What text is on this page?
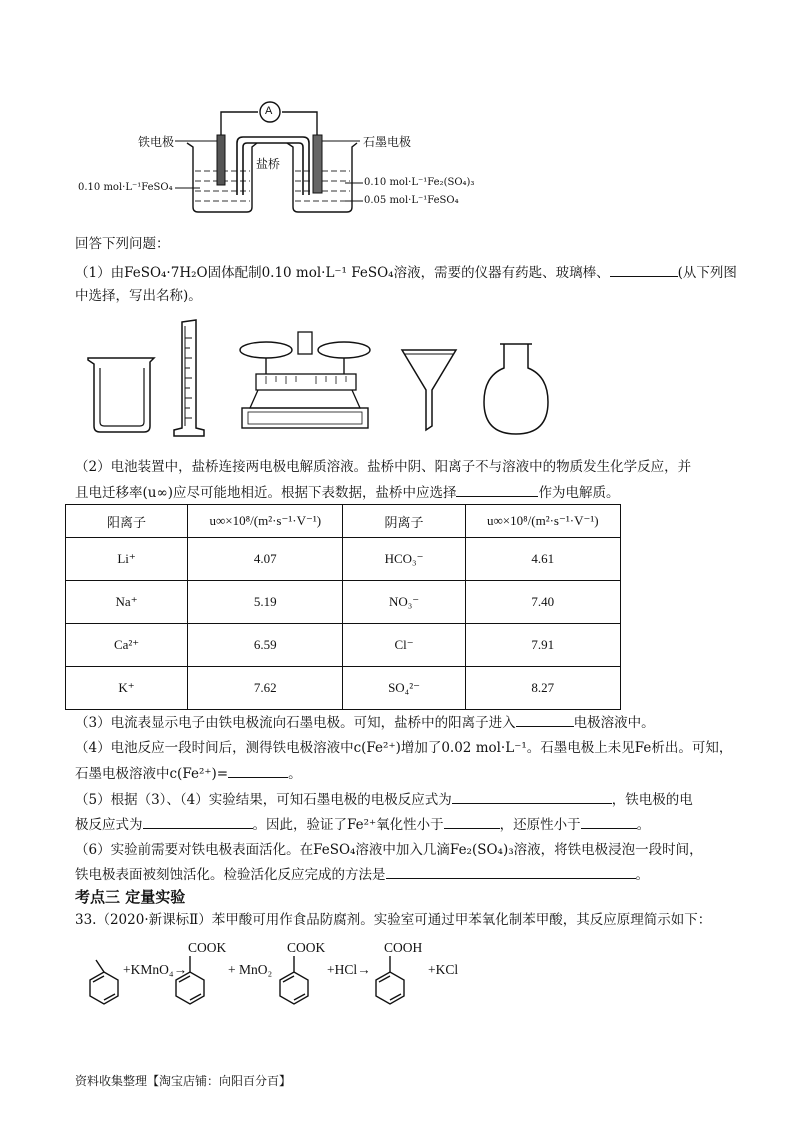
A
铁电极	石墨电极
盐桥
0.10 mol·L⁻¹FeSO₄	0.10 mol·L⁻¹Fe₂(SO₄)₃
0.05 mol·L⁻¹FeSO₄
回答下列问题：
（1）由FeSO₄·7H₂O固体配制0.10 mol·L⁻¹ FeSO₄溶液，需要的仪器有药匙、玻璃棒、	(从下列图
中选择，写出名称)。
（2）电池装置中，盐桥连接两电极电解质溶液。盐桥中阴、阳离子不与溶液中的物质发生化学反应，并
且电迁移率(u∞)应尽可能地相近。根据下表数据，盐桥中应选择	作为电解质。
阳离子	u∞×10⁸/(m²·s⁻¹·V⁻¹)	阴离子	u∞×10⁸/(m²·s⁻¹·V⁻¹)
Li⁺	4.07	HCO₃⁻	4.61
Na⁺	5.19	NO₃⁻	7.40
Ca²⁺	6.59	Cl⁻	7.91
K⁺	7.62	SO₄²⁻	8.27
（3）电流表显示电子由铁电极流向石墨电极。可知，盐桥中的阳离子进入	电极溶液中。
（4）电池反应一段时间后，测得铁电极溶液中c(Fe²⁺)增加了0.02 mol·L⁻¹。石墨电极上未见Fe析出。可知，
石墨电极溶液中c(Fe²⁺)=	。
（5）根据（3）、（4）实验结果，可知石墨电极的电极反应式为	，铁电极的电
极反应式为	。因此，验证了Fe²⁺氧化性小于	，还原性小于	。
（6）实验前需要对铁电极表面活化。在FeSO₄溶液中加入几滴Fe₂(SO₄)₃溶液，将铁电极浸泡一段时间，
铁电极表面被刻蚀活化。检验活化反应完成的方法是	。
考点三 定量实验
33.（2020·新课标Ⅱ）苯甲酸可用作食品防腐剂。实验室可通过甲苯氧化制苯甲酸，其反应原理简示如下：
+KMnO₄→
COOK
+ MnO₂
COOK
+HCl→
COOH
+KCl
资料收集整理【淘宝店铺：向阳百分百】
